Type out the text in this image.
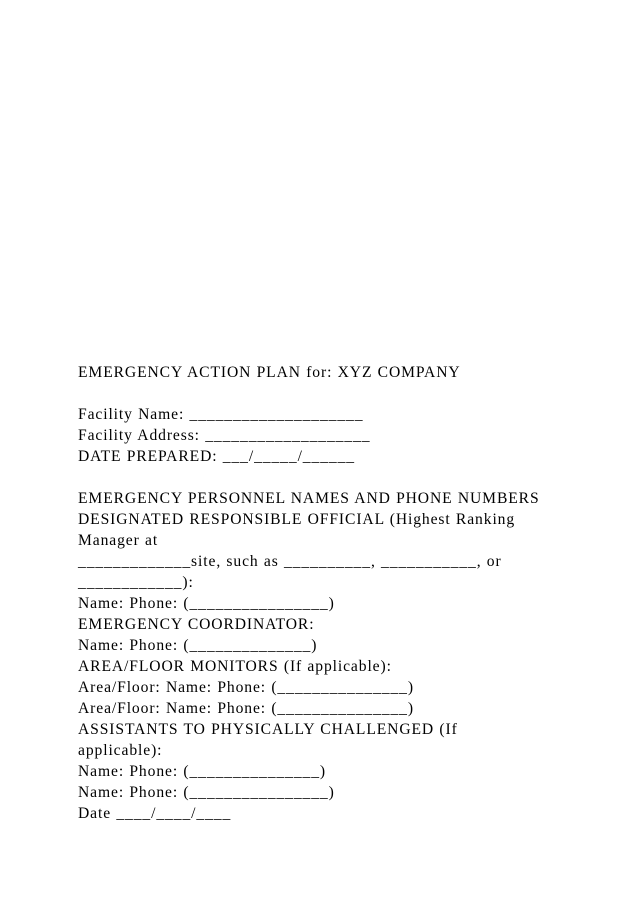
EMERGENCY ACTION PLAN for: XYZ COMPANY
Facility Name: ____________________
Facility Address: ___________________
DATE PREPARED: ___/_____/______
EMERGENCY PERSONNEL NAMES AND PHONE NUMBERS
DESIGNATED RESPONSIBLE OFFICIAL (Highest Ranking
Manager at
_____________site, such as __________, ___________, or
____________):
Name: Phone: (________________)
EMERGENCY COORDINATOR:
Name: Phone: (______________)
AREA/FLOOR MONITORS (If applicable):
Area/Floor: Name: Phone: (_______________)
Area/Floor: Name: Phone: (_______________)
ASSISTANTS TO PHYSICALLY CHALLENGED (If
applicable):
Name: Phone: (_______________)
Name: Phone: (________________)
Date ____/____/____
